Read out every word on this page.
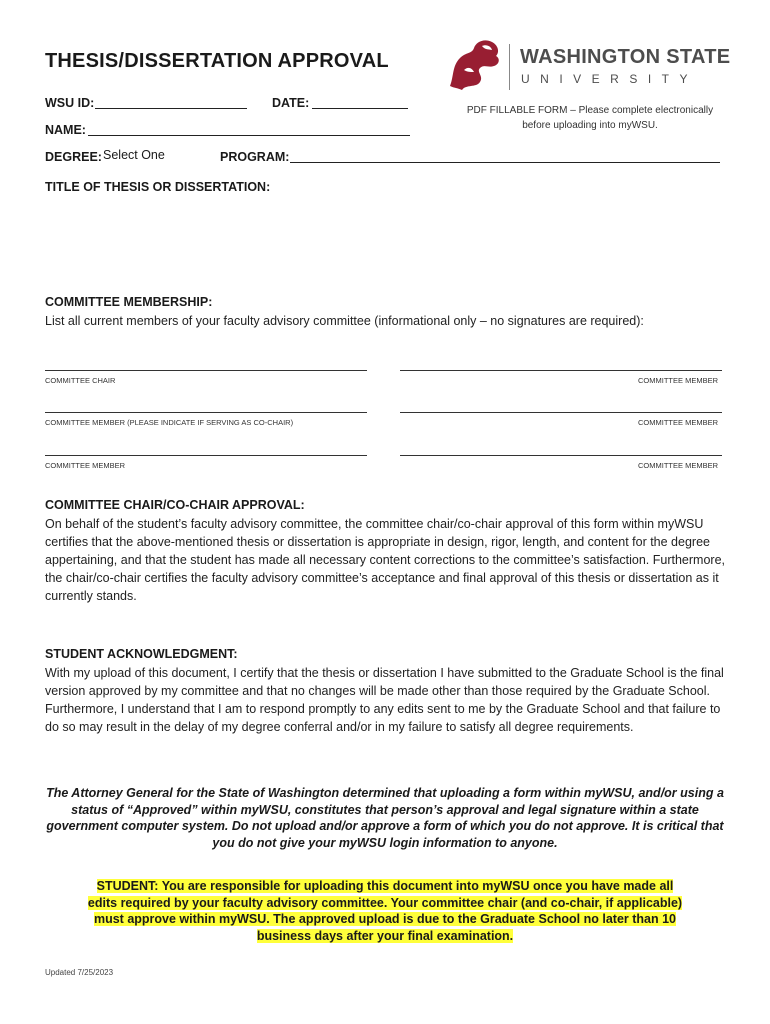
THESIS/DISSERTATION APPROVAL	WASHINGTON STATE
UNIVERSITY
WSU ID:	DATE:
PDF FILLABLE FORM – Please complete electronically
before uploading into myWSU.
NAME:
DEGREE: Select One	PROGRAM:
TITLE OF THESIS OR DISSERTATION:
COMMITTEE MEMBERSHIP:
List all current members of your faculty advisory committee (informational only – no signatures are required):
COMMITTEE CHAIR	COMMITTEE MEMBER
COMMITTEE MEMBER (PLEASE INDICATE IF SERVING AS CO-CHAIR)	COMMITTEE MEMBER
COMMITTEE MEMBER	COMMITTEE MEMBER
COMMITTEE CHAIR/CO-CHAIR APPROVAL:
On behalf of the student’s faculty advisory committee, the committee chair/co-chair approval of this form within myWSU certifies that the above-mentioned thesis or dissertation is appropriate in design, rigor, length, and content for the degree appertaining, and that the student has made all necessary content corrections to the committee’s satisfaction. Furthermore, the chair/co-chair certifies the faculty advisory committee’s acceptance and final approval of this thesis or dissertation as it currently stands.
STUDENT ACKNOWLEDGMENT:
With my upload of this document, I certify that the thesis or dissertation I have submitted to the Graduate School is the final version approved by my committee and that no changes will be made other than those required by the Graduate School. Furthermore, I understand that I am to respond promptly to any edits sent to me by the Graduate School and that failure to do so may result in the delay of my degree conferral and/or in my failure to satisfy all degree requirements.
The Attorney General for the State of Washington determined that uploading a form within myWSU, and/or using a status of “Approved” within myWSU, constitutes that person’s approval and legal signature within a state government computer system. Do not upload and/or approve a form of which you do not approve. It is critical that you do not give your myWSU login information to anyone.
STUDENT: You are responsible for uploading this document into myWSU once you have made all edits required by your faculty advisory committee. Your committee chair (and co-chair, if applicable) must approve within myWSU. The approved upload is due to the Graduate School no later than 10 business days after your final examination.
Updated 7/25/2023
